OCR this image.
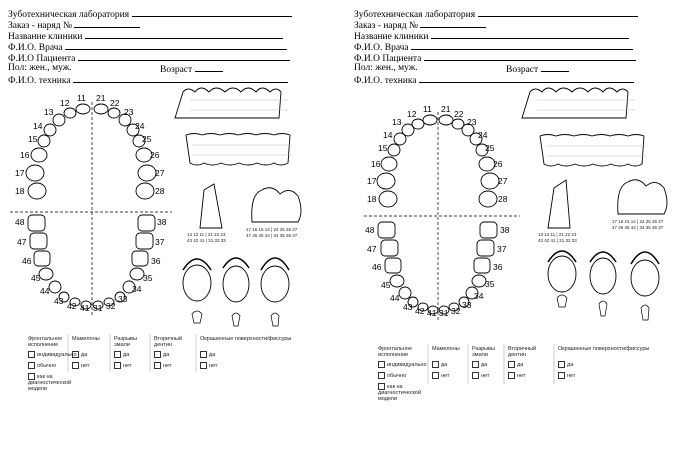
Зуботехническая лаборатория
Заказ - наряд №
Название клиники
Ф.И.О. Врача
Ф.И.О Пациента
Пол: жен., муж.	Возраст
Ф.И.О. техника
18
17
16
15
14
13
12 11 21 22
23
24
25
26
27
28
48
47
46
45
44
43 42 41 31 32
33
34
35
36
37
38
13 12 11 | 21 22 23
43 42 41 | 31 32 33
17 16 15 14 | 24 25 26 27
47 46 45 44 | 34 35 36 37
Фронтальное исполнение
индивидуально
обычно
как на диагностической модели
Мамелоны
да
нет
Разрывы эмали
да
нет
Вторичный дентин
да
нет
Окрашенные поверхности/фиссуры
да
нет
Зуботехническая лаборатория
Заказ - наряд №
Название клиники
Ф.И.О. Врача
Ф.И.О Пациента
Пол: жен., муж.	Возраст
Ф.И.О. техника
18
17
16
15
14
13
12 11 21 22
23
24
25
26
27
28
48
47
46
45
44
43 42 41 31 32
33
34
35
36
37
38	13 12 11 | 21 22 23
43 42 41 | 31 32 33
17 16 15 14 | 24 25 26 27
47 46 45 44 | 34 35 36 37
Фронтальное исполнение
индивидуально
обычно
как на диагностической модели
Мамелоны
да
нет
Разрывы эмали
да
нет
Вторичный дентин
да
нет
Окрашенные поверхности/фиссуры
да
нет
